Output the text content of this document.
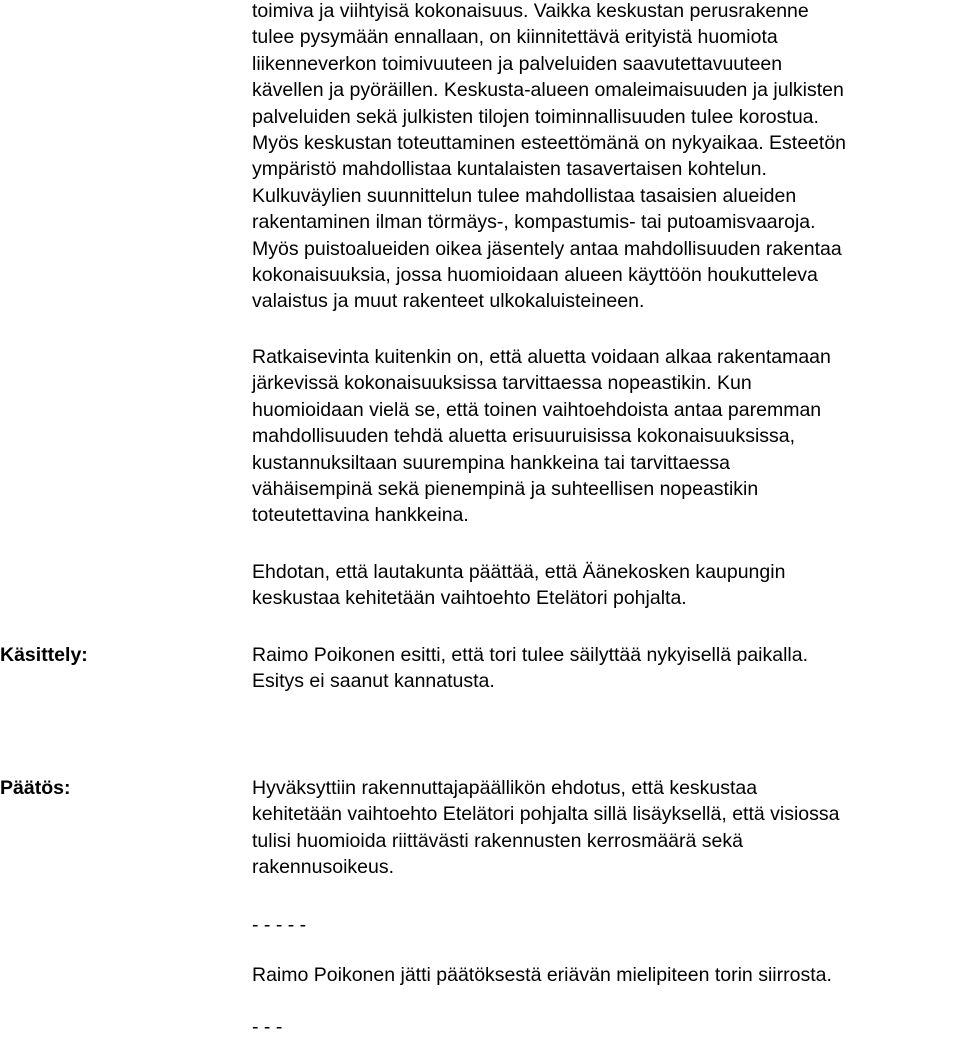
toimiva ja viihtyisä kokonaisuus. Vaikka keskustan perusrakenne
tulee pysymään ennallaan, on kiinnitettävä erityistä huomiota
liikenneverkon toimivuuteen ja palveluiden saavutettavuuteen
kävellen ja pyöräillen. Keskusta-alueen omaleimaisuuden ja julkisten
palveluiden sekä julkisten tilojen toiminnallisuuden tulee korostua.
Myös keskustan toteuttaminen esteettömänä on nykyaikaa. Esteetön
ympäristö mahdollistaa kuntalaisten tasavertaisen kohtelun.
Kulkuväylien suunnittelun tulee mahdollistaa tasaisien alueiden
rakentaminen ilman törmäys-, kompastumis- tai putoamisvaaroja.
Myös puistoalueiden oikea jäsentely antaa mahdollisuuden rakentaa
kokonaisuuksia, jossa huomioidaan alueen käyttöön houkutteleva
valaistus ja muut rakenteet ulkokaluisteineen.
Ratkaisevinta kuitenkin on, että aluetta voidaan alkaa rakentamaan
järkevissä kokonaisuuksissa tarvittaessa nopeastikin. Kun
huomioidaan vielä se, että toinen vaihtoehdoista antaa paremman
mahdollisuuden tehdä aluetta erisuuruisissa kokonaisuuksissa,
kustannuksiltaan suurempina hankkeina tai tarvittaessa
vähäisempinä sekä pienempinä ja suhteellisen nopeastikin
toteutettavina hankkeina.
Ehdotan, että lautakunta päättää, että Äänekosken kaupungin
keskustaa kehitetään vaihtoehto Etelätori pohjalta.
Käsittely:	Raimo Poikonen esitti, että tori tulee säilyttää nykyisellä paikalla.
Esitys ei saanut kannatusta.
Päätös:	Hyväksyttiin rakennuttajapäällikön ehdotus, että keskustaa
kehitetään vaihtoehto Etelätori pohjalta sillä lisäyksellä, että visiossa
tulisi huomioida riittävästi rakennusten kerrosmäärä sekä
rakennusoikeus.
- - - - -
Raimo Poikonen jätti päätöksestä eriävän mielipiteen torin siirrosta.
- - -
